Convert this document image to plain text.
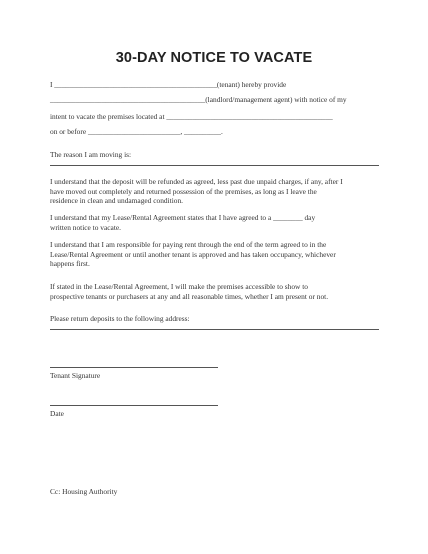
30-DAY NOTICE TO VACATE
I ____________________________________________(tenant) hereby provide
__________________________________________(landlord/management agent) with notice of my
intent to vacate the premises located at _____________________________________________
on or before _________________________, __________.
The reason I am moving is:
I understand that the deposit will be refunded as agreed, less past due unpaid charges, if any, after I
have moved out completely and returned possession of the premises, as long as I leave the
residence in clean and undamaged condition.
I understand that my Lease/Rental Agreement states that I have agreed to a ________ day
written notice to vacate.
I understand that I am responsible for paying rent through the end of the term agreed to in the
Lease/Rental Agreement or until another tenant is approved and has taken occupancy, whichever
happens first.
If stated in the Lease/Rental Agreement, I will make the premises accessible to show to
prospective tenants or purchasers at any and all reasonable times, whether I am present or not.
Please return deposits to the following address:
Tenant Signature
Date
Cc: Housing Authority
